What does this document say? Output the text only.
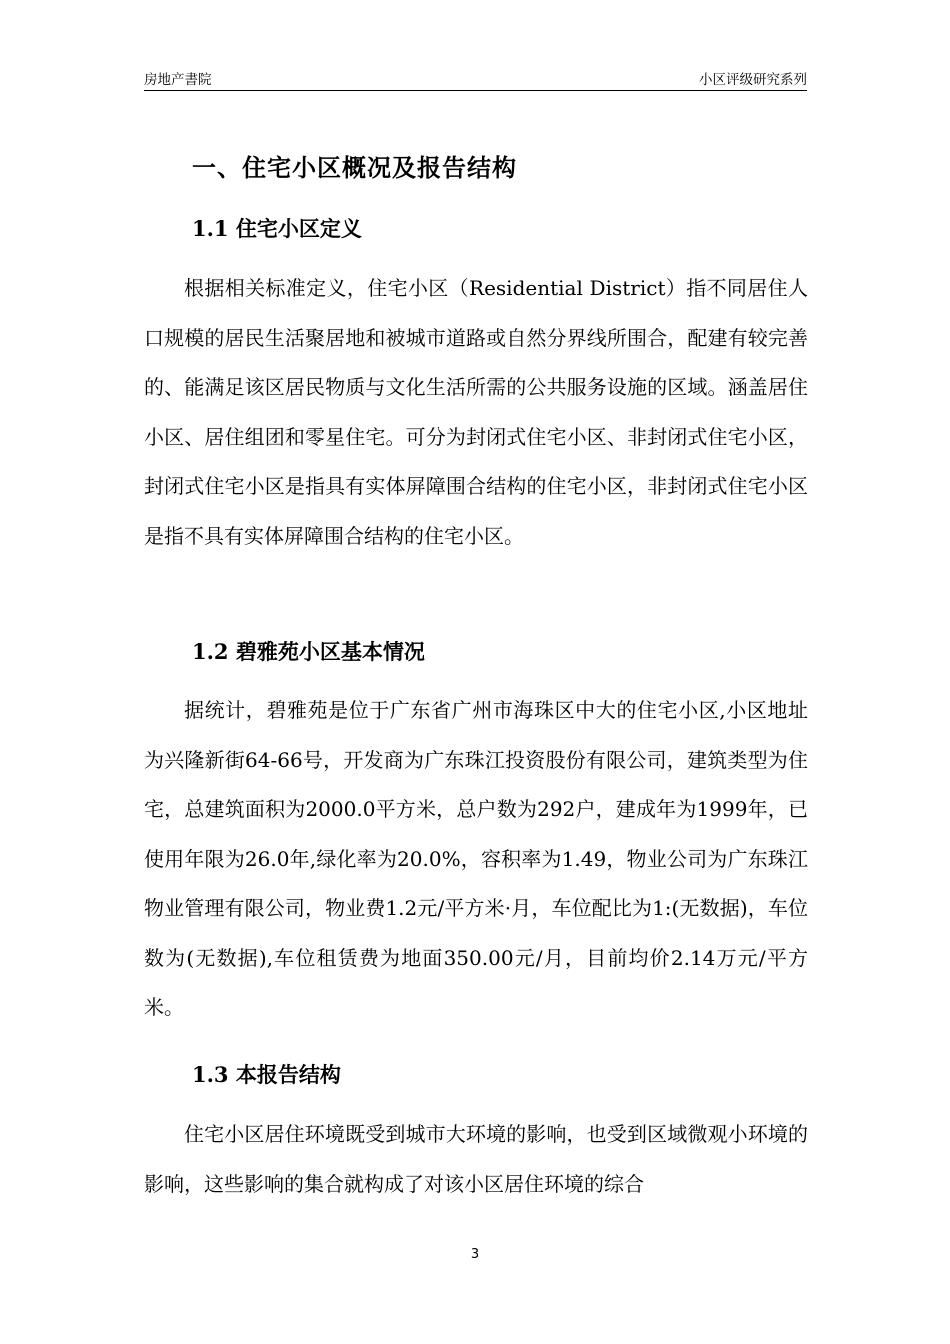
房地产書院	小区评级研究系列
一、住宅小区概况及报告结构
1.1 住宅小区定义

根据相关标准定义，住宅小区（Residential District）指不同居住人口规模的居民生活聚居地和被城市道路或自然分界线所围合，配建有较完善的、能满足该区居民物质与文化生活所需的公共服务设施的区域。涵盖居住小区、居住组团和零星住宅。可分为封闭式住宅小区、非封闭式住宅小区，封闭式住宅小区是指具有实体屏障围合结构的住宅小区，非封闭式住宅小区是指不具有实体屏障围合结构的住宅小区。

1.2 碧雅苑小区基本情况

据统计，碧雅苑是位于广东省广州市海珠区中大的住宅小区,小区地址为兴隆新街64-66号，开发商为广东珠江投资股份有限公司，建筑类型为住宅，总建筑面积为2000.0平方米，总户数为292户，建成年为1999年，已使用年限为26.0年,绿化率为20.0%，容积率为1.49，物业公司为广东珠江物业管理有限公司，物业费1.2元/平方米·月，车位配比为1:(无数据)，车位数为(无数据),车位租赁费为地面350.00元/月，目前均价2.14万元/平方米。

1.3 本报告结构

住宅小区居住环境既受到城市大环境的影响，也受到区域微观小环境的影响，这些影响的集合就构成了对该小区居住环境的综合

3
